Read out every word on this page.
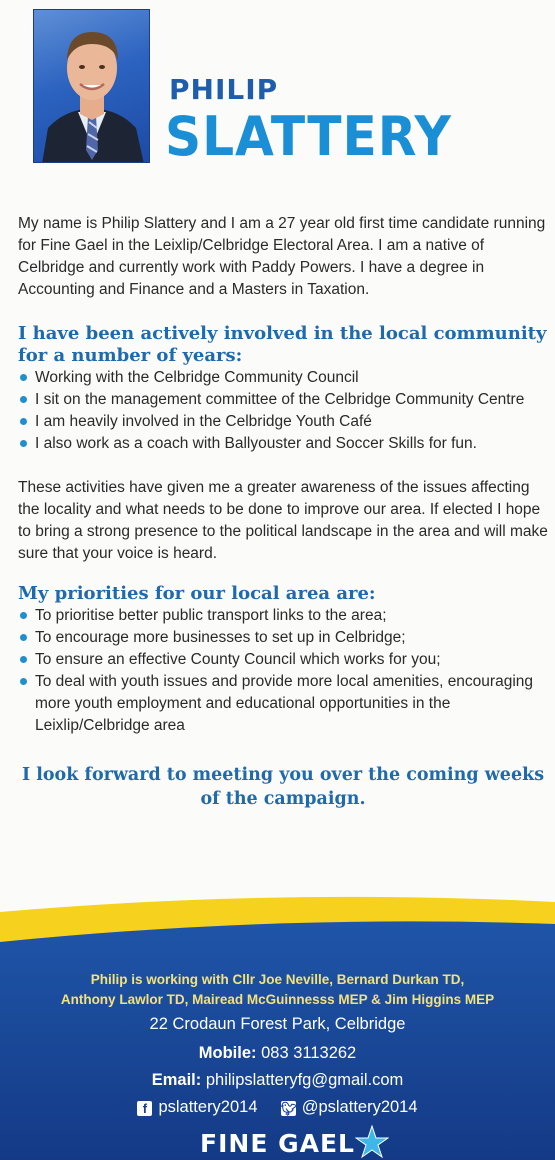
PHILIP
SLATTERY

My name is Philip Slattery and I am a 27 year old first time candidate running for Fine Gael in the Leixlip/Celbridge Electoral Area. I am a native of Celbridge and currently work with Paddy Powers. I have a degree in Accounting and Finance and a Masters in Taxation.

I have been actively involved in the local community for a number of years:

Working with the Celbridge Community Council
I sit on the management committee of the Celbridge Community Centre
I am heavily involved in the Celbridge Youth Café
I also work as a coach with Ballyouster and Soccer Skills for fun.

These activities have given me a greater awareness of the issues affecting the locality and what needs to be done to improve our area. If elected I hope to bring a strong presence to the political landscape in the area and will make sure that your voice is heard.

My priorities for our local area are:

To prioritise better public transport links to the area;
To encourage more businesses to set up in Celbridge;
To ensure an effective County Council which works for you;
To deal with youth issues and provide more local amenities, encouraging more youth employment and educational opportunities in the Leixlip/Celbridge area

I look forward to meeting you over the coming weeks of the campaign.

Philip is working with Cllr Joe Neville, Bernard Durkan TD,
Anthony Lawlor TD, Mairead McGuinnesss MEP & Jim Higgins MEP
22 Crodaun Forest Park, Celbridge
Mobile: 083 3113262
Email: philipslatteryfg@gmail.com
f pslattery2014 🐦︎ @pslattery2014
FINE GAEL
